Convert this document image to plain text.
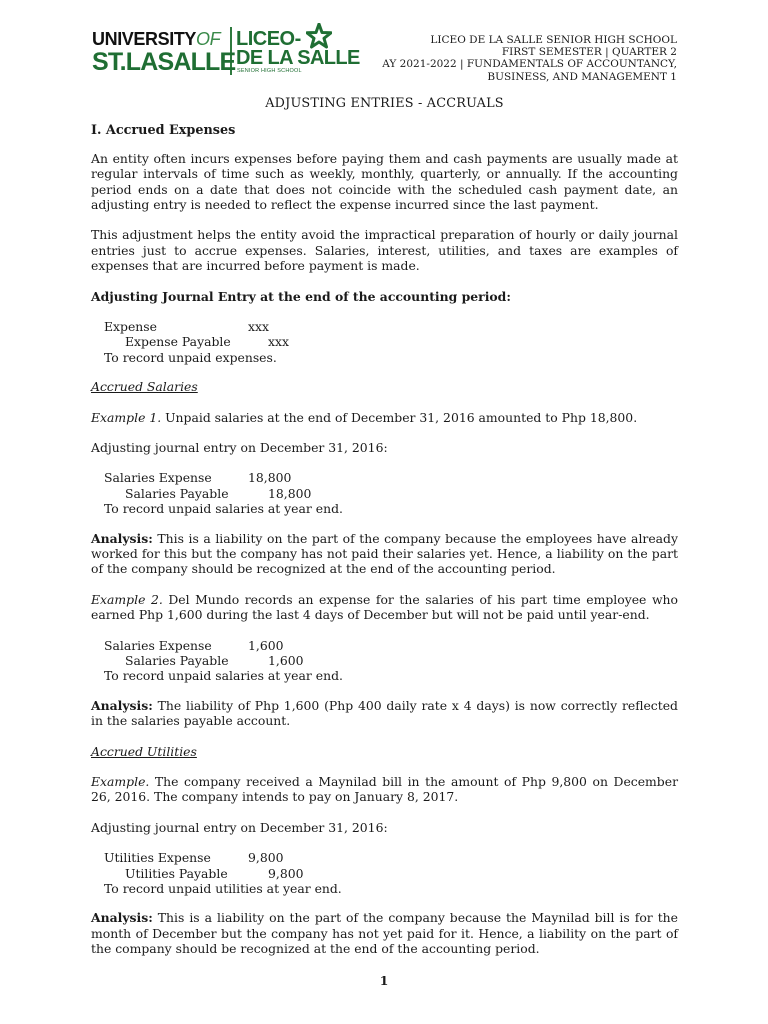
UNIVERSITYOF
ST.LASALLE
LICEO-
DE LA SALLE
SENIOR HIGH SCHOOL
LICEO DE LA SALLE SENIOR HIGH SCHOOL
FIRST SEMESTER | QUARTER 2
AY 2021-2022 | FUNDAMENTALS OF ACCOUNTANCY,
BUSINESS, AND MANAGEMENT 1
ADJUSTING ENTRIES - ACCRUALS
I. Accrued Expenses

An entity often incurs expenses before paying them and cash payments are usually made at regular intervals of time such as weekly, monthly, quarterly, or annually. If the accounting period ends on a date that does not coincide with the scheduled cash payment date, an adjusting entry is needed to reflect the expense incurred since the last payment.

This adjustment helps the entity avoid the impractical preparation of hourly or daily journal entries just to accrue expenses. Salaries, interest, utilities, and taxes are examples of expenses that are incurred before payment is made.

Adjusting Journal Entry at the end of the accounting period:
Expense	xxx
Expense Payable	xxx
To record unpaid expenses.
Accrued Salaries

Example 1. Unpaid salaries at the end of December 31, 2016 amounted to Php 18,800.

Adjusting journal entry on December 31, 2016:

Salaries Expense	18,800
Salaries Payable	18,800
To record unpaid salaries at year end.

Analysis: This is a liability on the part of the company because the employees have already worked for this but the company has not paid their salaries yet. Hence, a liability on the part of the company should be recognized at the end of the accounting period.

Example 2. Del Mundo records an expense for the salaries of his part time employee who earned Php 1,600 during the last 4 days of December but will not be paid until year-end.

Salaries Expense	1,600
Salaries Payable	1,600
To record unpaid salaries at year end.

Analysis: The liability of Php 1,600 (Php 400 daily rate x 4 days) is now correctly reflected in the salaries payable account.

Accrued Utilities

Example. The company received a Maynilad bill in the amount of Php 9,800 on December 26, 2016. The company intends to pay on January 8, 2017.

Adjusting journal entry on December 31, 2016:

Utilities Expense	9,800
Utilities Payable	9,800
To record unpaid utilities at year end.

Analysis: This is a liability on the part of the company because the Maynilad bill is for the month of December but the company has not yet paid for it. Hence, a liability on the part of the company should be recognized at the end of the accounting period.

1
